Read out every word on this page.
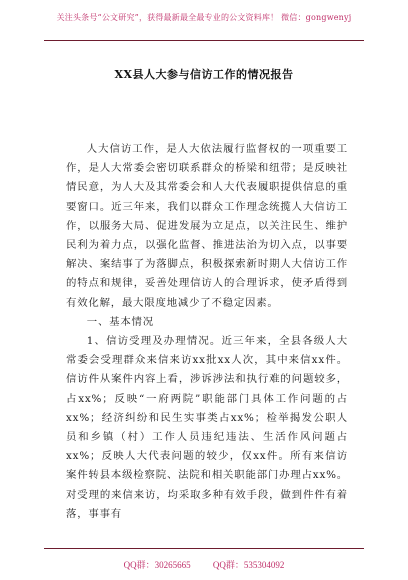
关注头条号“公文研究”，获得最新最全最专业的公文资料库！ 微信：gongwenyj
XX县人大参与信访工作的情况报告

人大信访工作，是人大依法履行监督权的一项重要工作，是人大常委会密切联系群众的桥梁和纽带；是反映社情民意，为人大及其常委会和人大代表履职提供信息的重要窗口。近三年来，我们以群众工作理念统揽人大信访工作，以服务大局、促进发展为立足点，以关注民生、维护民利为着力点，以强化监督、推进法治为切入点，以事要解决、案结事了为落脚点，积极探索新时期人大信访工作的特点和规律，妥善处理信访人的合理诉求，使矛盾得到有效化解，最大限度地减少了不稳定因素。

一、基本情况

1、信访受理及办理情况。近三年来，全县各级人大常委会受理群众来信来访xx批xx人次，其中来信xx件。信访件从案件内容上看，涉诉涉法和执行难的问题较多，占xx%；反映“一府两院”职能部门具体工作问题的占xx%；经济纠纷和民生实事类占xx%；检举揭发公职人员和乡镇（村）工作人员违纪违法、生活作风问题占xx%；反映人大代表问题的较少，仅xx件。所有来信访案件转县本级检察院、法院和相关职能部门办理占xx%。对受理的来信来访，均采取多种有效手段，做到件件有着落，事事有

QQ群：30265665 QQ群：535304092
